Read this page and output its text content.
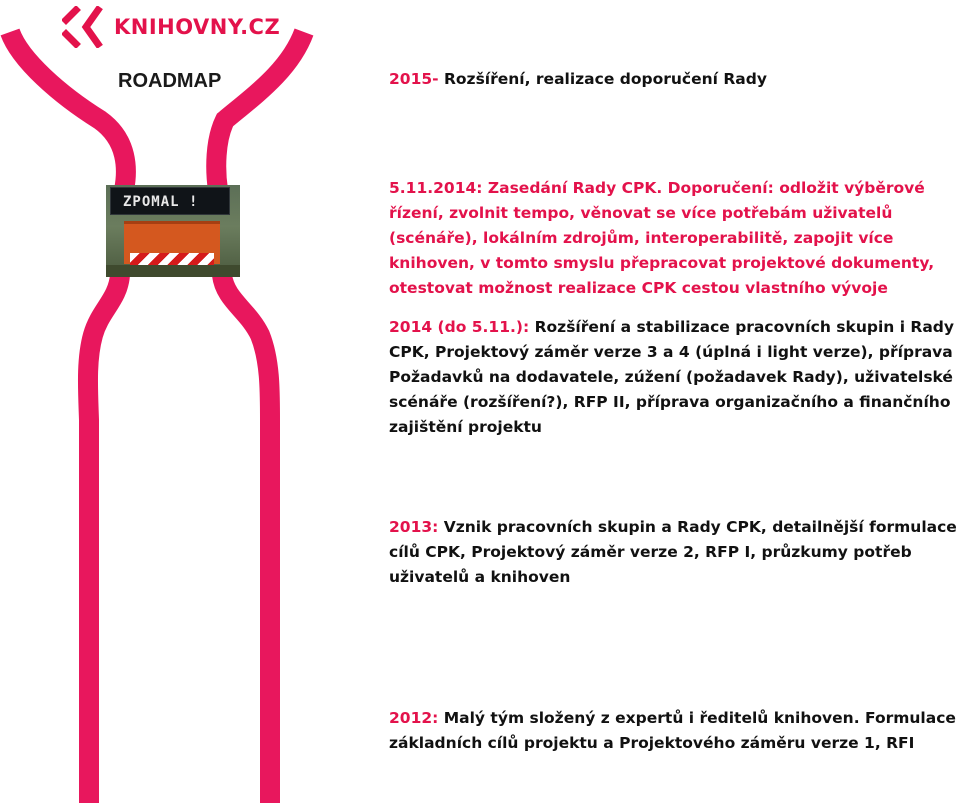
KNIHOVNY.CZ
ROADMAP
ZPOMAL !

2015- Rozšíření, realizace doporučení Rady

5.11.2014: Zasedání Rady CPK. Doporučení: odložit výběrové řízení, zvolnit tempo, věnovat se více potřebám uživatelů (scénáře), lokálním zdrojům, interoperabilitě, zapojit více knihoven, v tomto smyslu přepracovat projektové dokumenty, otestovat možnost realizace CPK cestou vlastního vývoje

2014 (do 5.11.): Rozšíření a stabilizace pracovních skupin i Rady CPK, Projektový záměr verze 3 a 4 (úplná i light verze), příprava Požadavků na dodavatele, zúžení (požadavek Rady), uživatelské scénáře (rozšíření?), RFP II, příprava organizačního a finančního zajištění projektu

2013: Vznik pracovních skupin a Rady CPK, detailnější formulace cílů CPK, Projektový záměr verze 2, RFP I, průzkumy potřeb uživatelů a knihoven

2012: Malý tým složený z expertů i ředitelů knihoven. Formulace základních cílů projektu a Projektového záměru verze 1, RFI
